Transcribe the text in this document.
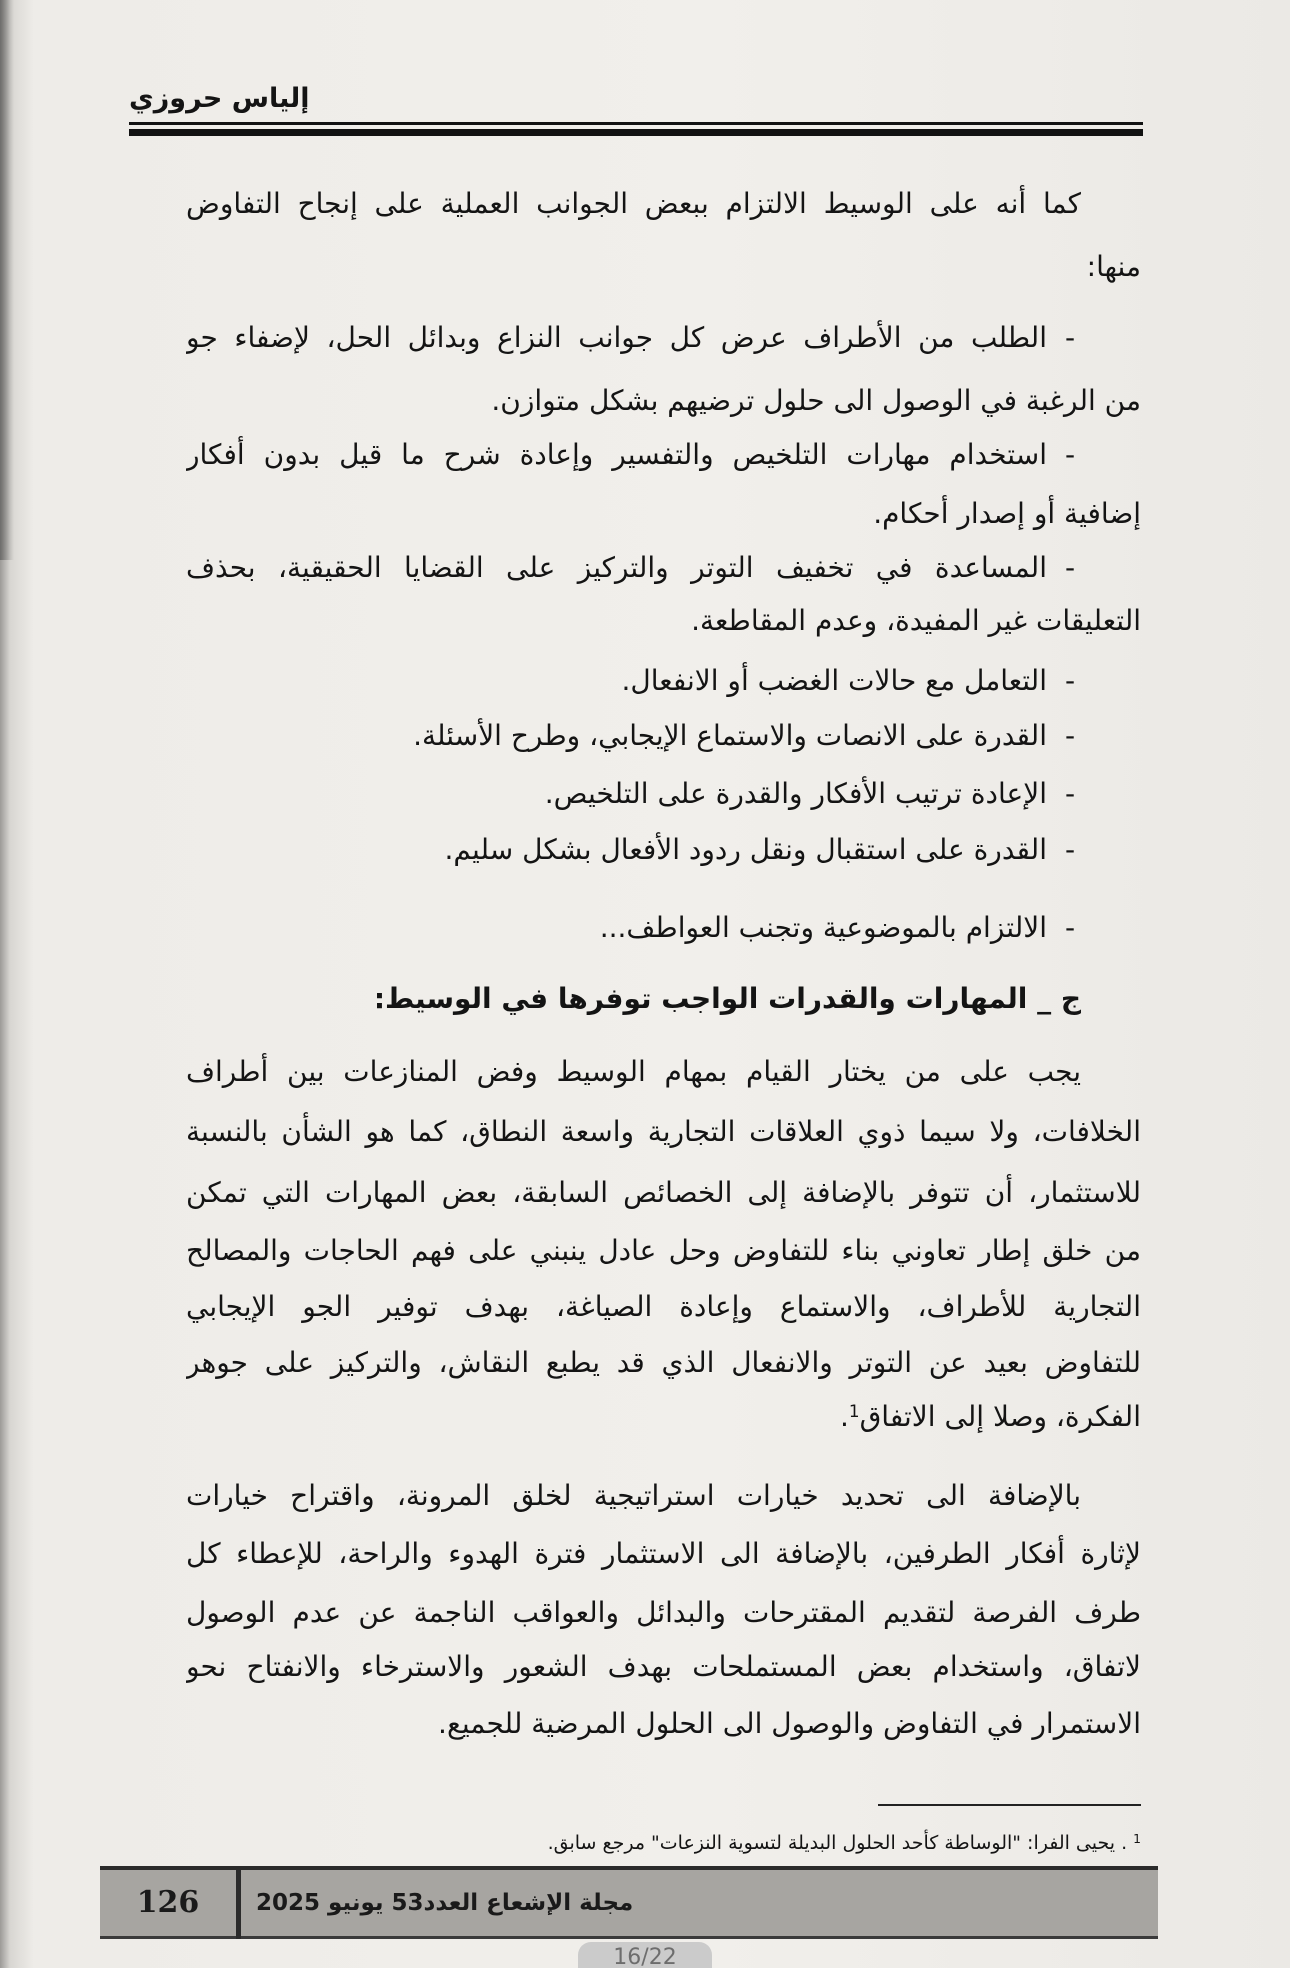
إلياس حروزي
كما أنه على الوسيط الالتزام ببعض الجوانب العملية على إنجاح التفاوض
منها:
-
الطلب من الأطراف عرض كل جوانب النزاع وبدائل الحل، لإضفاء جو
من الرغبة في الوصول الى حلول ترضيهم بشكل متوازن.
-
استخدام مهارات التلخيص والتفسير وإعادة شرح ما قيل بدون أفكار
إضافية أو إصدار أحكام.
-
المساعدة في تخفيف التوتر والتركيز على القضايا الحقيقية، بحذف
التعليقات غير المفيدة، وعدم المقاطعة.
-
التعامل مع حالات الغضب أو الانفعال.
-
القدرة على الانصات والاستماع الإيجابي، وطرح الأسئلة.
-
الإعادة ترتيب الأفكار والقدرة على التلخيص.
-
القدرة على استقبال ونقل ردود الأفعال بشكل سليم.
-
الالتزام بالموضوعية وتجنب العواطف...
ج _ المهارات والقدرات الواجب توفرها في الوسيط:
يجب على من يختار القيام بمهام الوسيط وفض المنازعات بين أطراف
الخلافات، ولا سيما ذوي العلاقات التجارية واسعة النطاق، كما هو الشأن بالنسبة
للاستثمار، أن تتوفر بالإضافة إلى الخصائص السابقة، بعض المهارات التي تمكن
من خلق إطار تعاوني بناء للتفاوض وحل عادل ينبني على فهم الحاجات والمصالح
التجارية للأطراف، والاستماع وإعادة الصياغة، بهدف توفير الجو الإيجابي
للتفاوض بعيد عن التوتر والانفعال الذي قد يطبع النقاش، والتركيز على جوهر
الفكرة، وصلا إلى الاتفاق$^1$.
بالإضافة الى تحديد خيارات استراتيجية لخلق المرونة، واقتراح خيارات
لإثارة أفكار الطرفين، بالإضافة الى الاستثمار فترة الهدوء والراحة، للإعطاء كل
طرف الفرصة لتقديم المقترحات والبدائل والعواقب الناجمة عن عدم الوصول
لاتفاق، واستخدام بعض المستملحات بهدف الشعور والاسترخاء والانفتاح نحو
الاستمرار في التفاوض والوصول الى الحلول المرضية للجميع.
$^1$. يحيى الفرا: "الوساطة كأحد الحلول البديلة لتسوية النزعات" مرجع سابق.
126	مجلة الإشعاع العدد53 يونيو 2025
16/22
